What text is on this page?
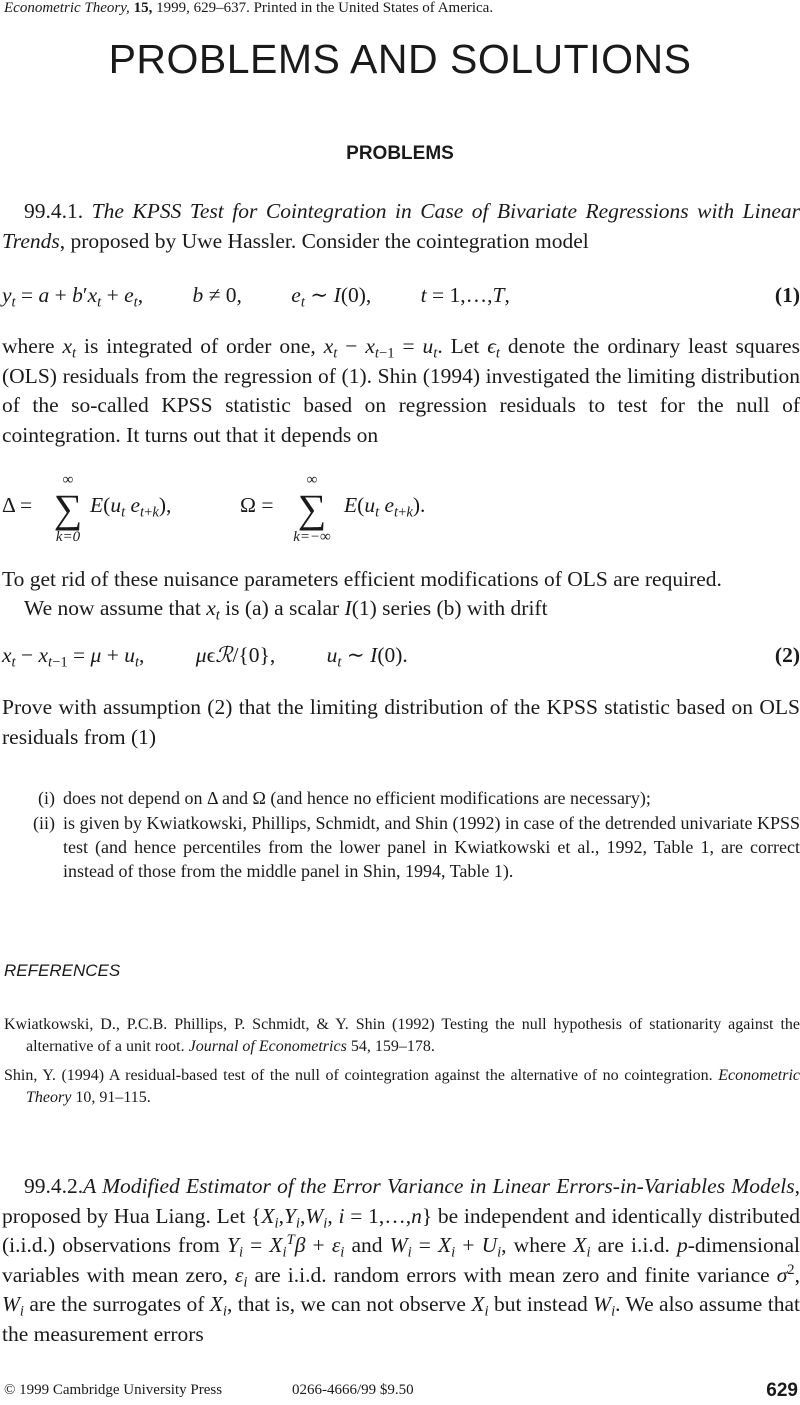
Econometric Theory, 15, 1999, 629–637. Printed in the United States of America.
PROBLEMS AND SOLUTIONS
PROBLEMS
99.4.1. The KPSS Test for Cointegration in Case of Bivariate Regressions with Linear Trends, proposed by Uwe Hassler. Consider the cointegration model
$y_t = a + b'x_t + e_t$, b ≠ 0, $e_t$ ∼ I(0), t = 1,…,T,	(1)
where $x_t$ is integrated of order one, $x_t - x_{t-1} = u_t$. Let $\epsilon_t$ denote the ordinary least squares (OLS) residuals from the regression of (1). Shin (1994) investigated the limiting distribution of the so-called KPSS statistic based on regression residuals to test for the null of cointegration. It turns out that it depends on
Δ =
∞
∑
k=0
$E(u_t$ $e_{t+k}$),	Ω =
∞
∑
k=−∞
$E(u_t$ $e_{t+k}$).
To get rid of these nuisance parameters efficient modifications of OLS are required.
We now assume that $x_t$ is (a) a scalar I(1) series (b) with drift
$x_t - x_{t-1} = \mu + u_t$, μϵℛ/{0}, $u_t$ ∼ I(0).	(2)
Prove with assumption (2) that the limiting distribution of the KPSS statistic based on OLS residuals from (1)
(i) does not depend on Δ and Ω (and hence no efficient modifications are necessary);
(ii) is given by Kwiatkowski, Phillips, Schmidt, and Shin (1992) in case of the detrended univariate KPSS test (and hence percentiles from the lower panel in Kwiatkowski et al., 1992, Table 1, are correct instead of those from the middle panel in Shin, 1994, Table 1).
REFERENCES
Kwiatkowski, D., P.C.B. Phillips, P. Schmidt, & Y. Shin (1992) Testing the null hypothesis of stationarity against the alternative of a unit root. Journal of Econometrics 54, 159–178.
Shin, Y. (1994) A residual-based test of the null of cointegration against the alternative of no cointegration. Econometric Theory 10, 91–115.
99.4.2.A Modified Estimator of the Error Variance in Linear Errors-in-Variables Models, proposed by Hua Liang. Let {$X_i,Y_i,W_i$, i = 1,…,n} be independent and identically distributed (i.i.d.) observations from $Y_i = X_i^T\beta + \varepsilon_i$ and $W_i = X_i + U_i$, where $X_i$ are i.i.d. p-dimensional variables with mean zero, $\varepsilon_i$ are i.i.d. random errors with mean zero and finite variance $\sigma^2$, $W_i$ are the surrogates of $X_i$, that is, we can not observe $X_i$ but instead $W_i$. We also assume that the measurement errors
© 1999 Cambridge University Press	0266-4666/99 $9.50	629
